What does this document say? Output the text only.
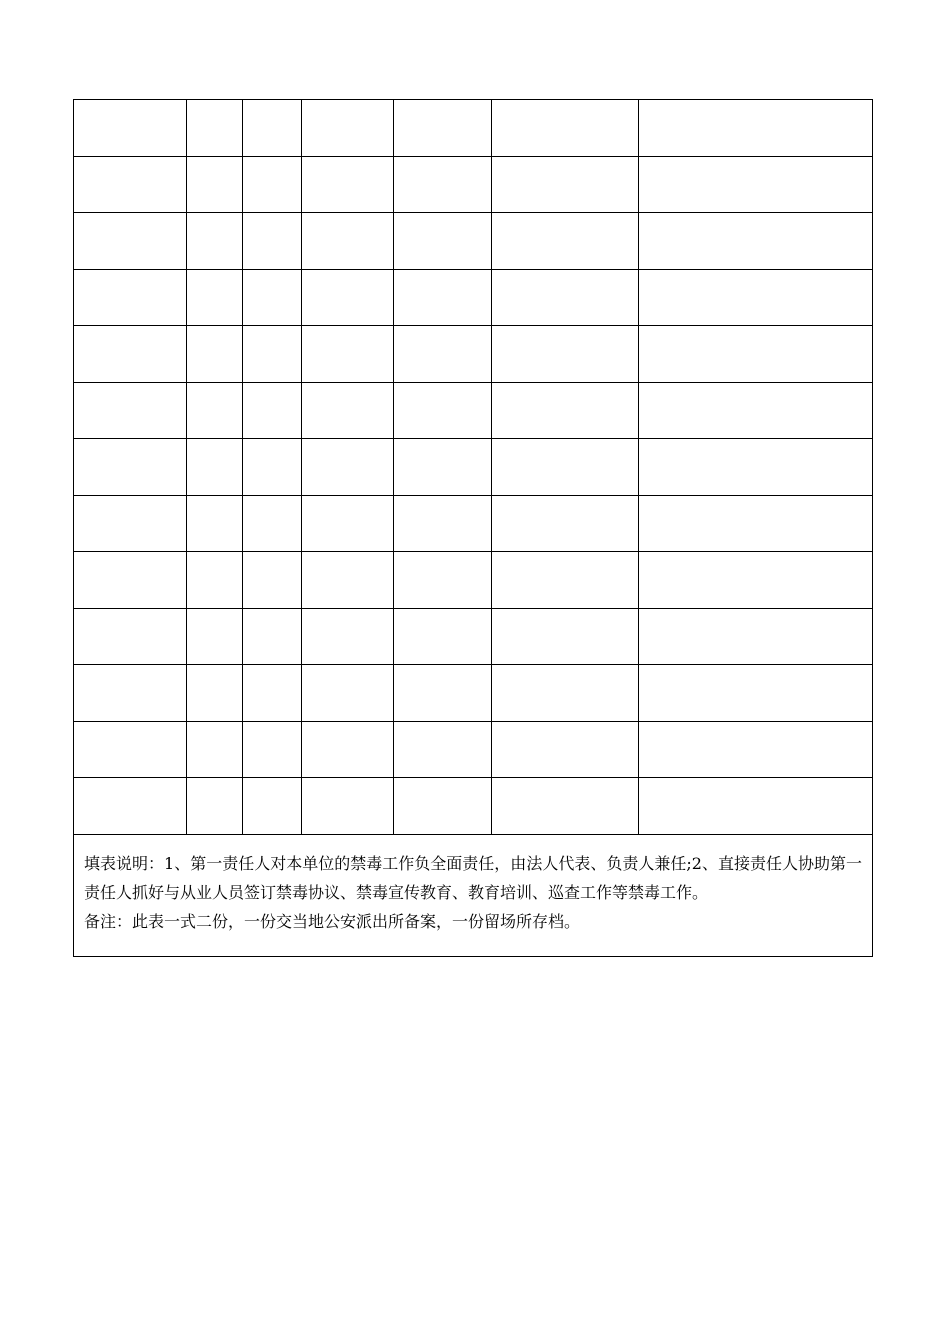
填表说明：1、第一责任人对本单位的禁毒工作负全面责任，由法人代表、负责人兼任;2、直接责任人协助第一责任人抓好与从业人员签订禁毒协议、禁毒宣传教育、教育培训、巡查工作等禁毒工作。
备注：此表一式二份，一份交当地公安派出所备案，一份留场所存档。						
